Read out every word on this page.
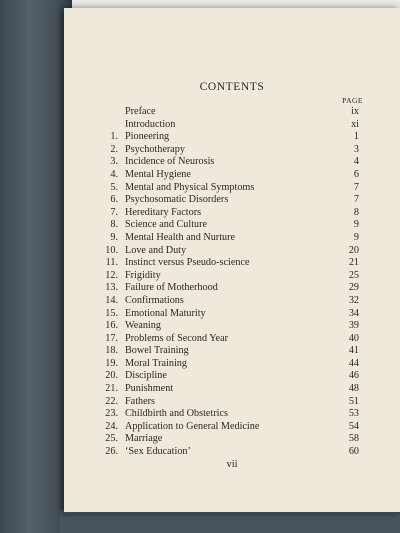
CONTENTS
PAGE
Preface	ix
Introduction	xi
1. Pioneering	1
2. Psychotherapy	3
3. Incidence of Neurosis	4
4. Mental Hygiene	6
5. Mental and Physical Symptoms	7
6. Psychosomatic Disorders	7
7. Hereditary Factors	8
8. Science and Culture	9
9. Mental Health and Nurture	9
10. Love and Duty	20
11. Instinct versus Pseudo-science	21
12. Frigidity	25
13. Failure of Motherhood	29
14. Confirmations	32
15. Emotional Maturity	34
16. Weaning	39
17. Problems of Second Year	40
18. Bowel Training	41
19. Moral Training	44
20. Discipline	46
21. Punishment	48
22. Fathers	51
23. Childbirth and Obstetrics	53
24. Application to General Medicine	54
25. Marriage	58
26. ‘Sex Education’	60
vii
